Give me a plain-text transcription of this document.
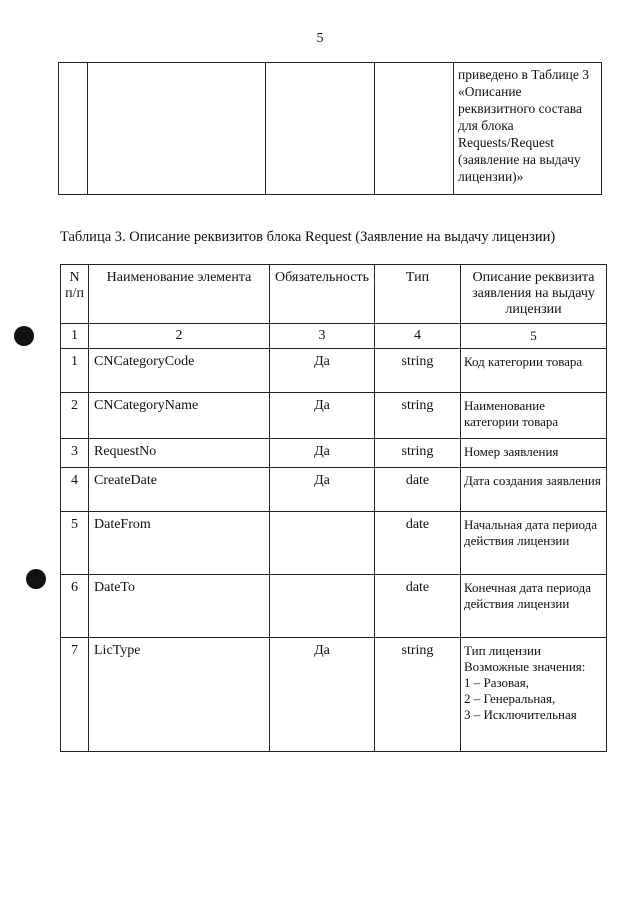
5
				приведено в Таблице 3 «Описание реквизитного состава для блока Requests/Request (заявление на выдачу лицензии)»
Таблица 3. Описание реквизитов блока Request (Заявление на выдачу лицензии)
N п/п	Наименование элемента	Обязательность	Тип	Описание реквизита заявления на выдачу лицензии
1	2	3	4	5
1	CNCategoryCode	Да	string	Код категории товара
2	CNCategoryName	Да	string	Наименование категории товара
3	RequestNo	Да	string	Номер заявления
4	CreateDate	Да	date	Дата создания заявления
5	DateFrom		date	Начальная дата периода действия лицензии
6	DateTo		date	Конечная дата периода действия лицензии
7	LicType	Да	string	Тип лицензии
Возможные значения:
1 – Разовая,
2 – Генеральная,
3 – Исключительная
